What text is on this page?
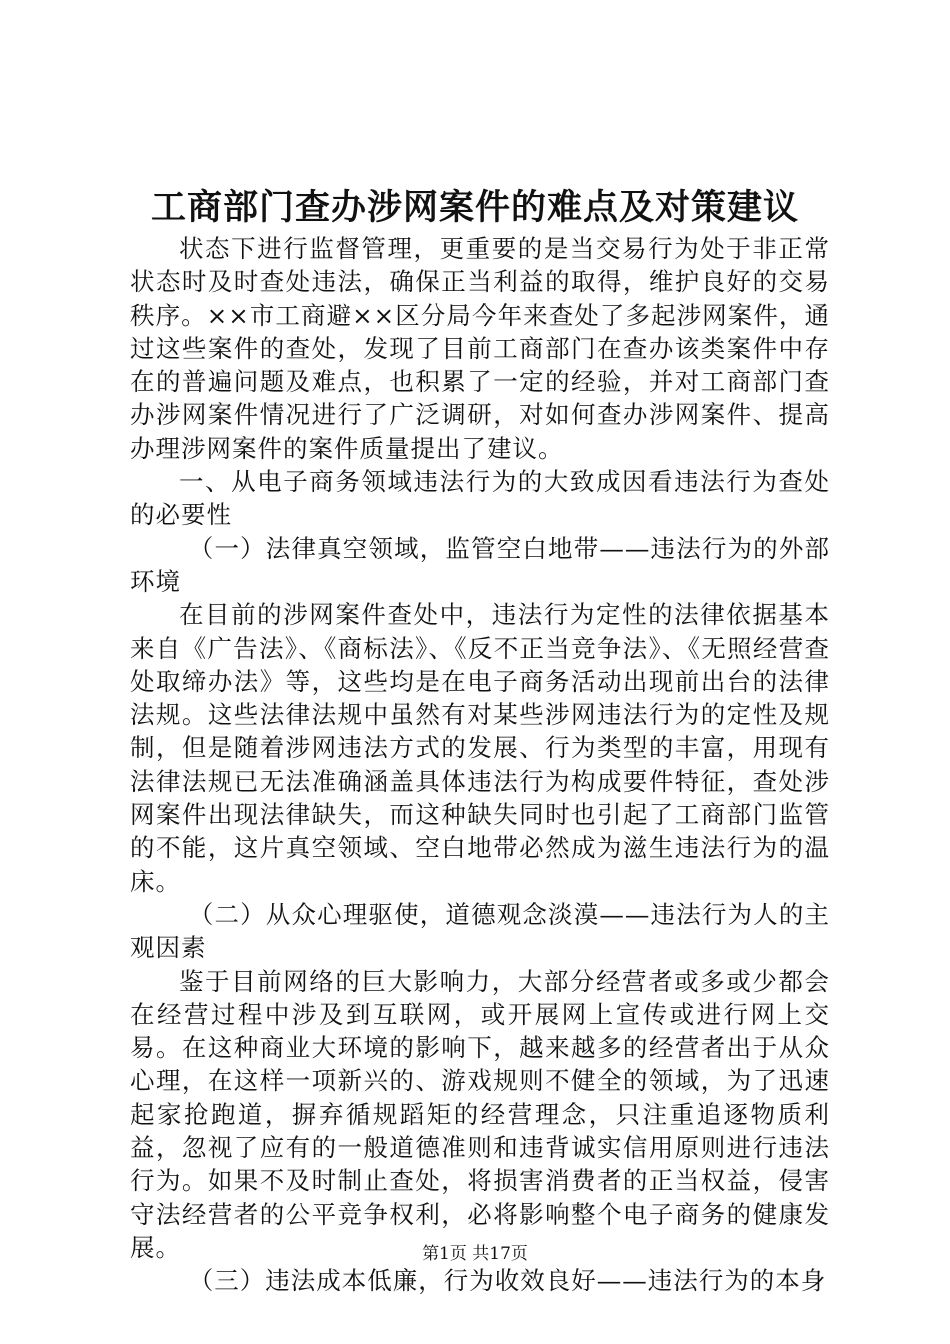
工商部门查办涉网案件的难点及对策建议

状态下进行监督管理，更重要的是当交易行为处于非正常状态时及时查处违法，确保正当利益的取得，维护良好的交易秩序。××市工商避××区分局今年来查处了多起涉网案件，通过这些案件的查处，发现了目前工商部门在查办该类案件中存在的普遍问题及难点，也积累了一定的经验，并对工商部门查办涉网案件情况进行了广泛调研，对如何查办涉网案件、提高办理涉网案件的案件质量提出了建议。

一、从电子商务领域违法行为的大致成因看违法行为查处的必要性

（一）法律真空领域，监管空白地带——违法行为的外部环境

在目前的涉网案件查处中，违法行为定性的法律依据基本来自《广告法》、《商标法》、《反不正当竞争法》、《无照经营查处取缔办法》等，这些均是在电子商务活动出现前出台的法律法规。这些法律法规中虽然有对某些涉网违法行为的定性及规制，但是随着涉网违法方式的发展、行为类型的丰富，用现有法律法规已无法准确涵盖具体违法行为构成要件特征，查处涉网案件出现法律缺失，而这种缺失同时也引起了工商部门监管的不能，这片真空领域、空白地带必然成为滋生违法行为的温床。

（二）从众心理驱使，道德观念淡漠——违法行为人的主观因素

鉴于目前网络的巨大影响力，大部分经营者或多或少都会在经营过程中涉及到互联网，或开展网上宣传或进行网上交易。在这种商业大环境的影响下，越来越多的经营者出于从众心理，在这样一项新兴的、游戏规则不健全的领域，为了迅速起家抢跑道，摒弃循规蹈矩的经营理念，只注重追逐物质利益，忽视了应有的一般道德准则和违背诚实信用原则进行违法行为。如果不及时制止查处，将损害消费者的正当权益，侵害守法经营者的公平竞争权利，必将影响整个电子商务的健康发展。

（三）违法成本低廉，行为收效良好——违法行为的本身

第1页 共17页
